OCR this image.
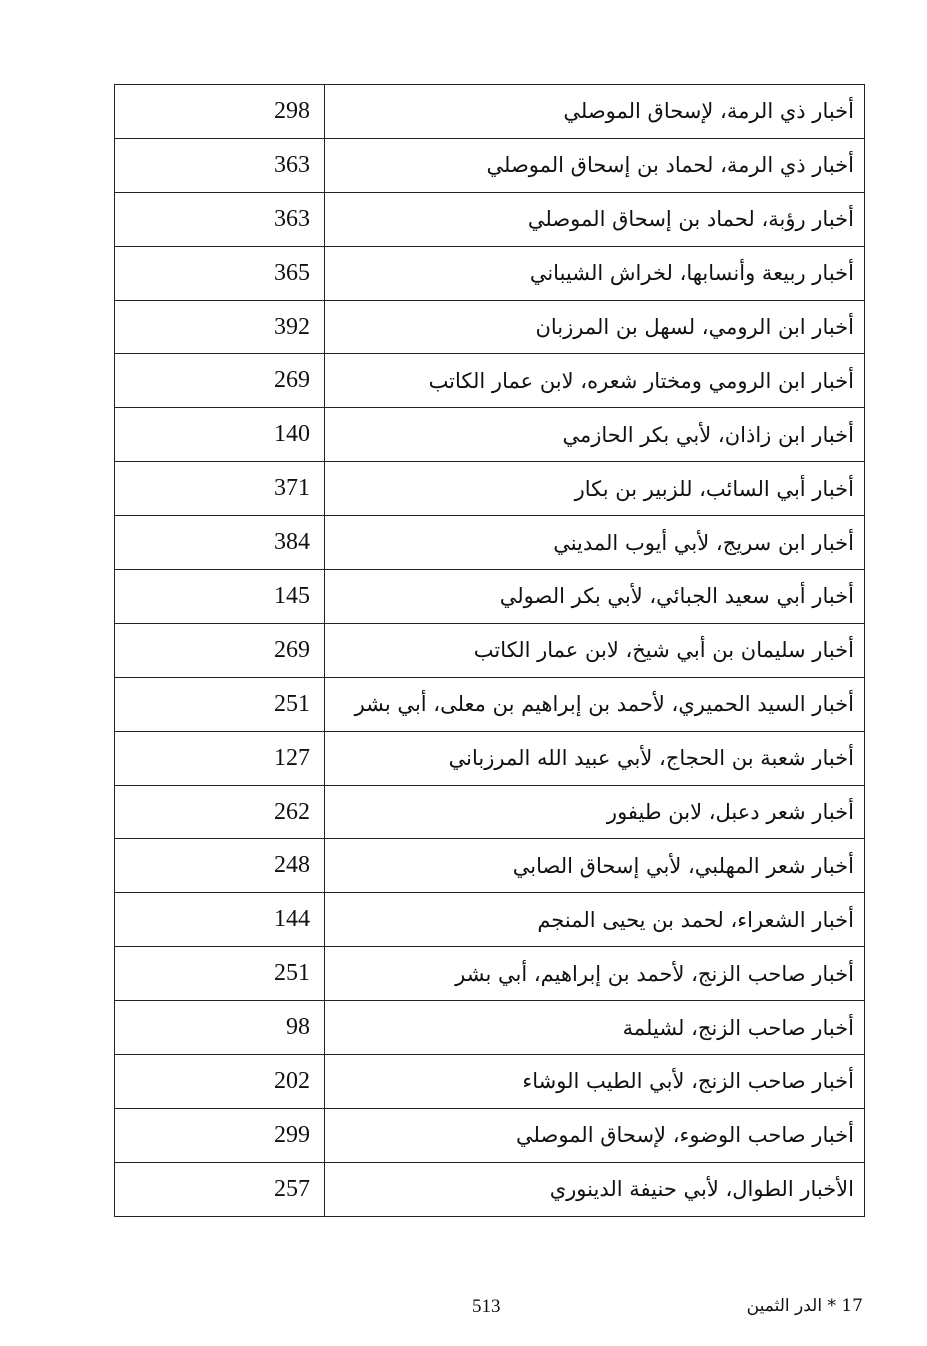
298	أخبار ذي الرمة، لإسحاق الموصلي
363	أخبار ذي الرمة، لحماد بن إسحاق الموصلي
363	أخبار رؤبة، لحماد بن إسحاق الموصلي
365	أخبار ربيعة وأنسابها، لخراش الشيباني
392	أخبار ابن الرومي، لسهل بن المرزبان
269	أخبار ابن الرومي ومختار شعره، لابن عمار الكاتب
140	أخبار ابن زاذان، لأبي بكر الحازمي
371	أخبار أبي السائب، للزبير بن بكار
384	أخبار ابن سريج، لأبي أيوب المديني
145	أخبار أبي سعيد الجبائي، لأبي بكر الصولي
269	أخبار سليمان بن أبي شيخ، لابن عمار الكاتب
251	أخبار السيد الحميري، لأحمد بن إبراهيم بن معلى، أبي بشر
127	أخبار شعبة بن الحجاج، لأبي عبيد الله المرزباني
262	أخبار شعر دعبل، لابن طيفور
248	أخبار شعر المهلبي، لأبي إسحاق الصابي
144	أخبار الشعراء، لحمد بن يحيى المنجم
251	أخبار صاحب الزنج، لأحمد بن إبراهيم، أبي بشر
98	أخبار صاحب الزنج، لشيلمة
202	أخبار صاحب الزنج، لأبي الطيب الوشاء
299	أخبار صاحب الوضوء، لإسحاق الموصلي
257	الأخبار الطوال، لأبي حنيفة الدينوري
513	17 * الدر الثمين
